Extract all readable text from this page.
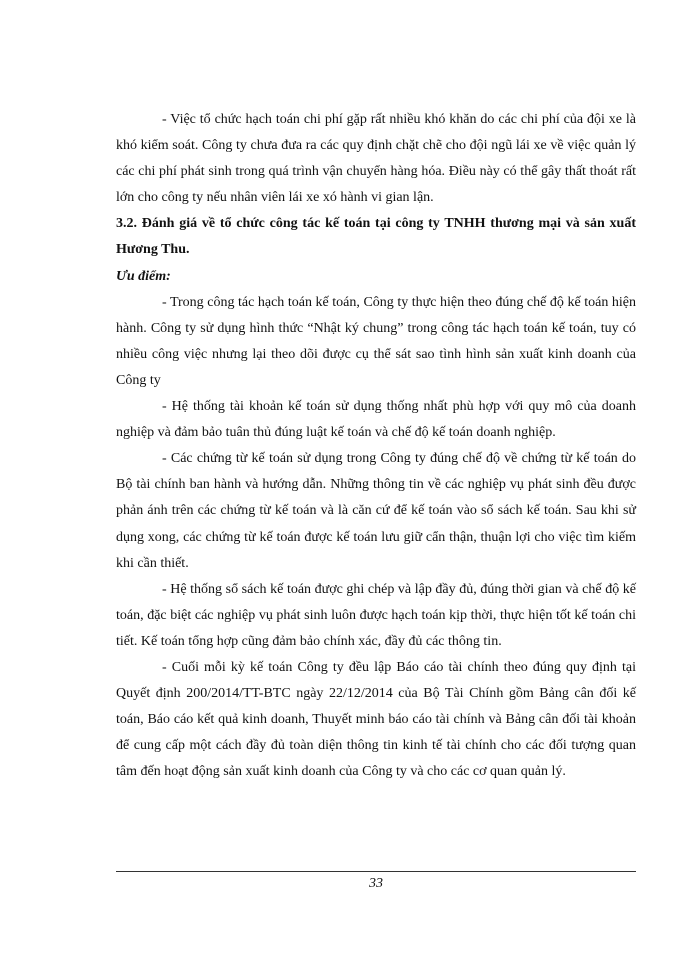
- Việc tổ chức hạch toán chi phí gặp rất nhiều khó khăn do các chi phí của đội xe là khó kiểm soát. Công ty chưa đưa ra các quy định chặt chẽ cho đội ngũ lái xe về việc quản lý các chi phí phát sinh trong quá trình vận chuyển hàng hóa. Điều này có thể gây thất thoát rất lớn cho công ty nếu nhân viên lái xe xó hành vi gian lận.

3.2. Đánh giá về tổ chức công tác kế toán tại công ty TNHH thương mại và sản xuất Hương Thu.

Ưu điểm:

- Trong công tác hạch toán kế toán, Công ty thực hiện theo đúng chế độ kế toán hiện hành. Công ty sử dụng hình thức “Nhật ký chung” trong công tác hạch toán kế toán, tuy có nhiều công việc nhưng lại theo dõi được cụ thể sát sao tình hình sản xuất kinh doanh của Công ty

- Hệ thống tài khoản kế toán sử dụng thống nhất phù hợp với quy mô của doanh nghiệp và đảm bảo tuân thủ đúng luật kế toán và chế độ kế toán doanh nghiệp.

- Các chứng từ kế toán sử dụng trong Công ty đúng chế độ về chứng từ kế toán do Bộ tài chính ban hành và hướng dẫn. Những thông tin về các nghiệp vụ phát sinh đều được phản ánh trên các chứng từ kế toán và là căn cứ để kế toán vào sổ sách kế toán. Sau khi sử dụng xong, các chứng từ kế toán được kế toán lưu giữ cẩn thận, thuận lợi cho việc tìm kiếm khi cần thiết.

- Hệ thống sổ sách kế toán được ghi chép và lập đầy đủ, đúng thời gian và chế độ kế toán, đặc biệt các nghiệp vụ phát sinh luôn được hạch toán kịp thời, thực hiện tốt kế toán chi tiết. Kế toán tổng hợp cũng đảm bảo chính xác, đầy đủ các thông tin.

- Cuối mỗi kỳ kế toán Công ty đều lập Báo cáo tài chính theo đúng quy định tại Quyết định 200/2014/TT-BTC ngày 22/12/2014 của Bộ Tài Chính gồm Bảng cân đối kế toán, Báo cáo kết quả kinh doanh, Thuyết minh báo cáo tài chính và Bảng cân đối tài khoản để cung cấp một cách đầy đủ toàn diện thông tin kinh tế tài chính cho các đối tượng quan tâm đến hoạt động sản xuất kinh doanh của Công ty và cho các cơ quan quản lý.

33
